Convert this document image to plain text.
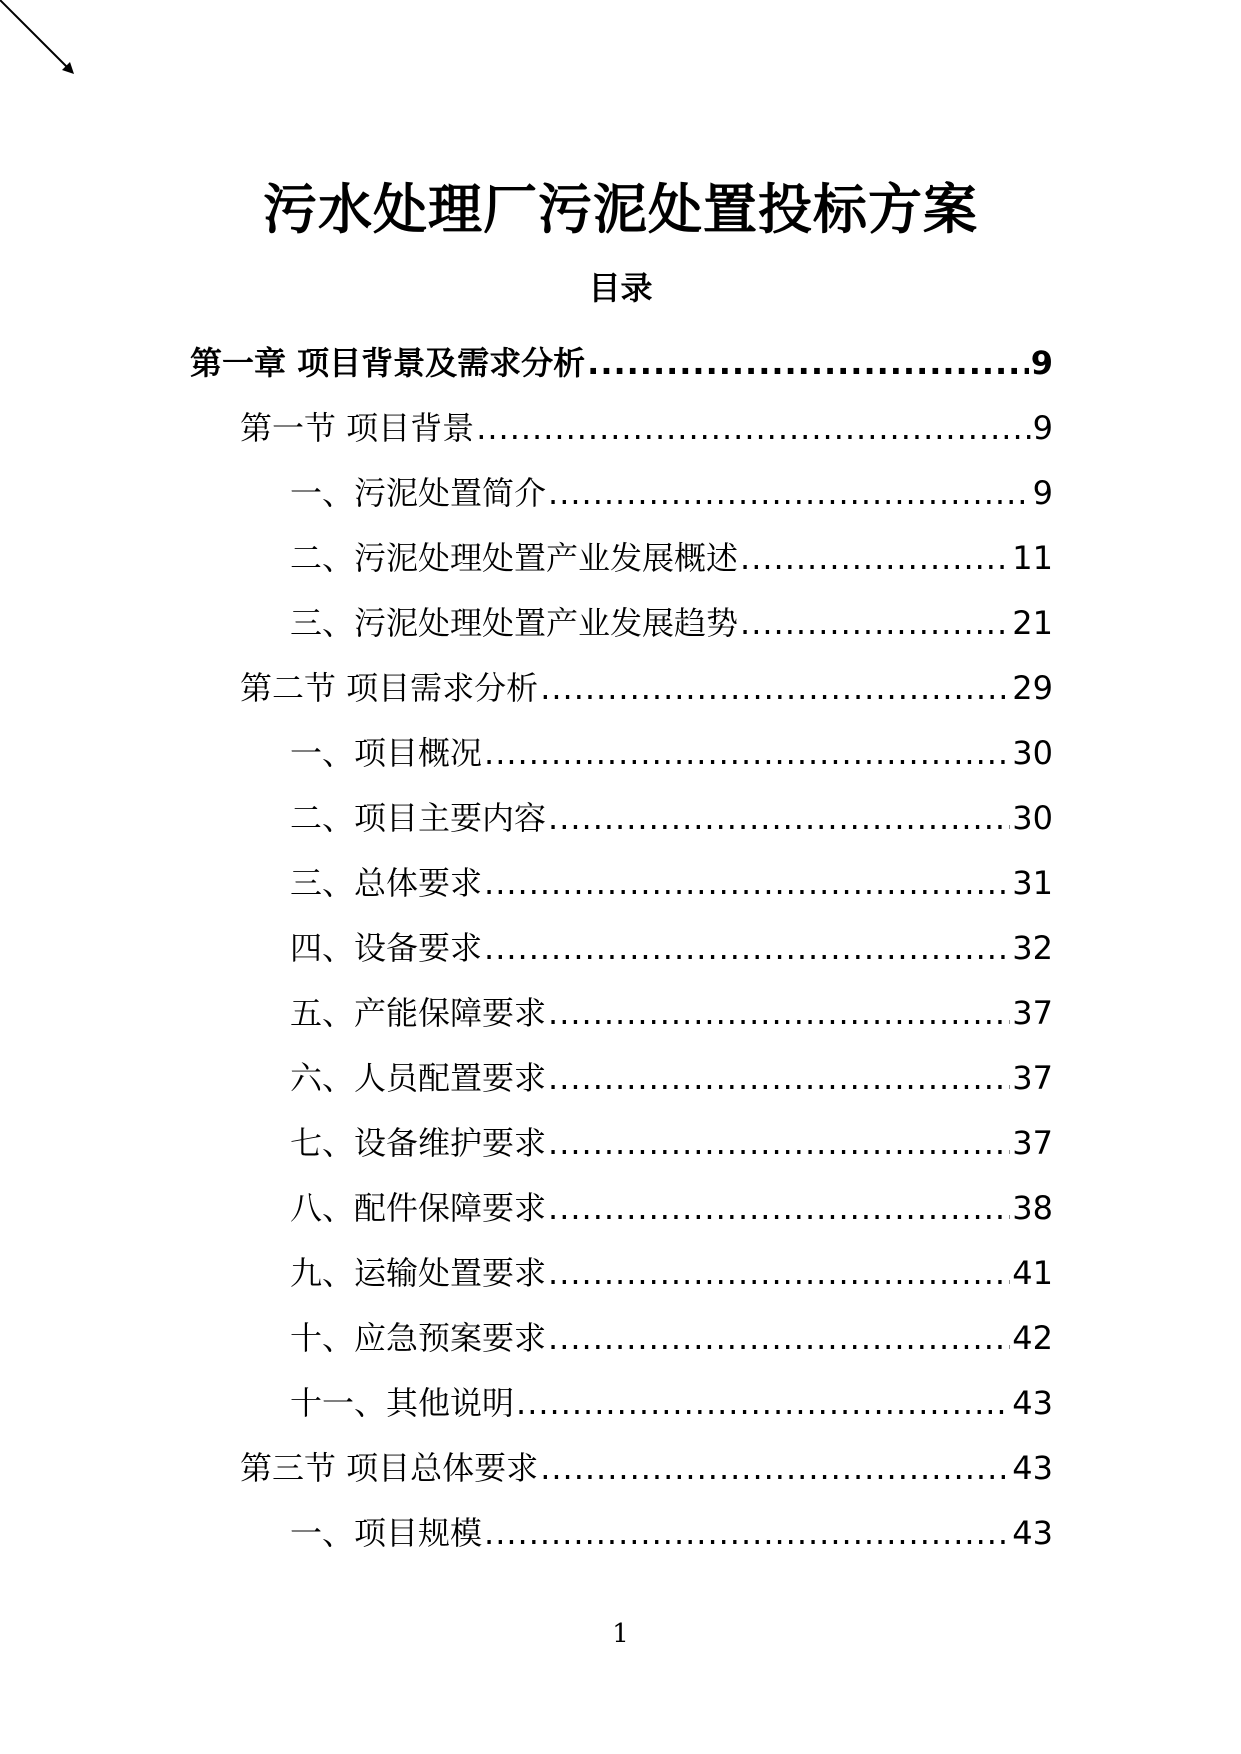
污水处理厂污泥处置投标方案
目录
第一章 项目背景及需求分析 .....	9
第一节 项目背景 .....	9
一、污泥处置简介 .....	9
二、污泥处理处置产业发展概述 .....	11
三、污泥处理处置产业发展趋势 .....	21
第二节 项目需求分析 .....	29
一、项目概况 .....	30
二、项目主要内容 .....	30
三、总体要求 .....	31
四、设备要求 .....	32
五、产能保障要求 .....	37
六、人员配置要求 .....	37
七、设备维护要求 .....	37
八、配件保障要求 .....	38
九、运输处置要求 .....	41
十、应急预案要求 .....	42
十一、其他说明 .....	43
第三节 项目总体要求 .....	43
一、项目规模 .....	43
1
